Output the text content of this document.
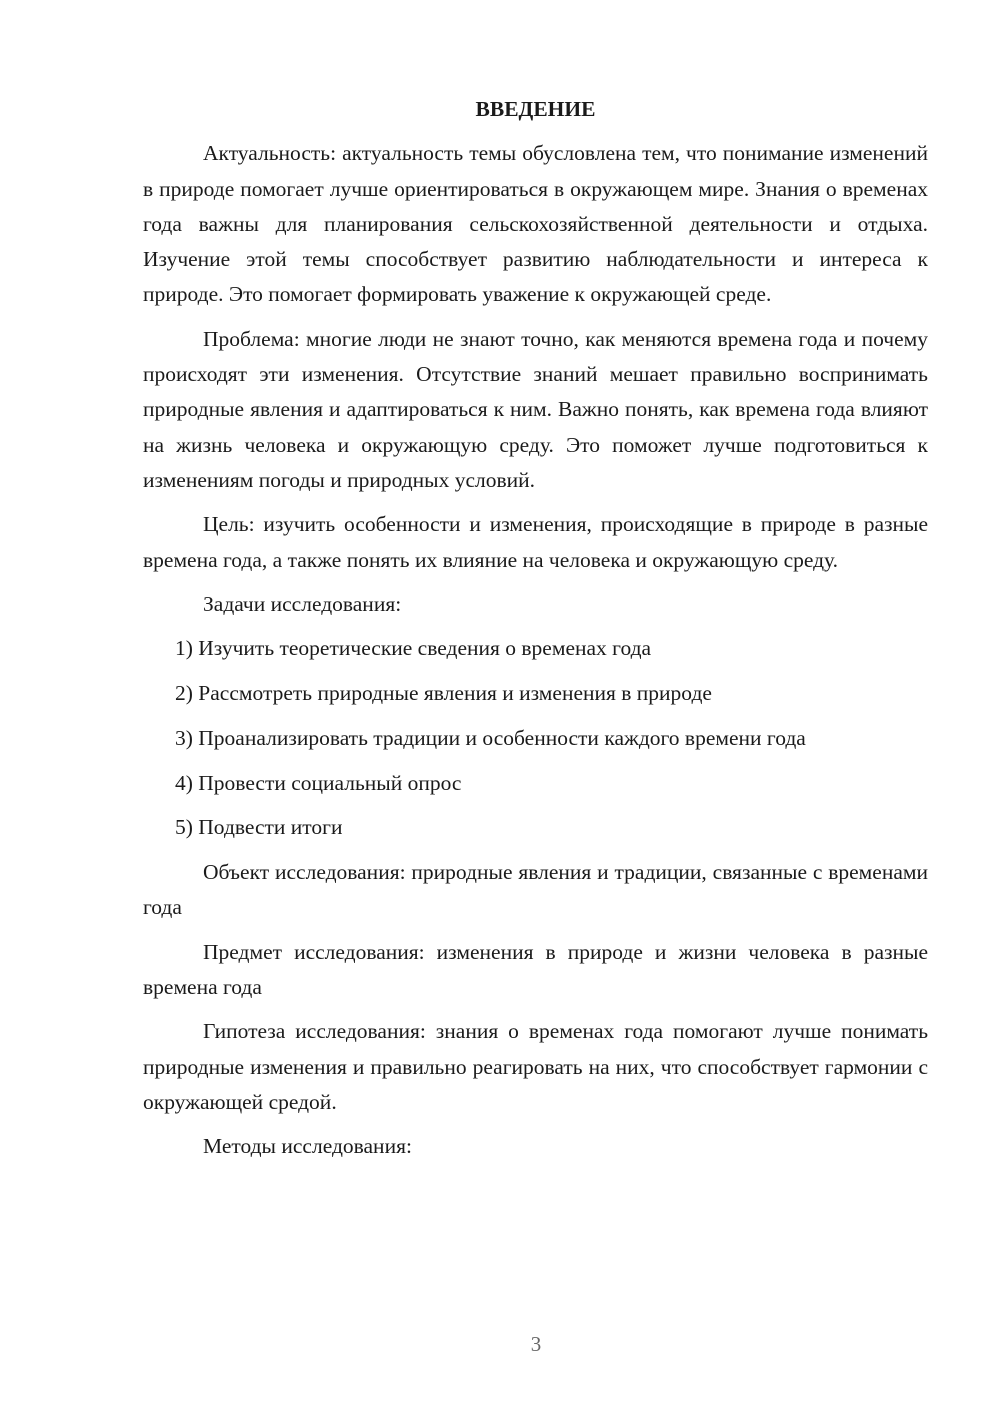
ВВЕДЕНИЕ
Актуальность: актуальность темы обусловлена тем, что понимание изменений в природе помогает лучше ориентироваться в окружающем мире. Знания о временах года важны для планирования сельскохозяйственной деятельности и отдыха. Изучение этой темы способствует развитию наблюдательности и интереса к природе. Это помогает формировать уважение к окружающей среде.
Проблема: многие люди не знают точно, как меняются времена года и почему происходят эти изменения. Отсутствие знаний мешает правильно воспринимать природные явления и адаптироваться к ним. Важно понять, как времена года влияют на жизнь человека и окружающую среду. Это поможет лучше подготовиться к изменениям погоды и природных условий.
Цель: изучить особенности и изменения, происходящие в природе в разные времена года, а также понять их влияние на человека и окружающую среду.
Задачи исследования:
1) Изучить теоретические сведения о временах года
2) Рассмотреть природные явления и изменения в природе
3) Проанализировать традиции и особенности каждого времени года
4) Провести социальный опрос
5) Подвести итоги
Объект исследования: природные явления и традиции, связанные с временами года
Предмет исследования: изменения в природе и жизни человека в разные времена года
Гипотеза исследования: знания о временах года помогают лучше понимать природные изменения и правильно реагировать на них, что способствует гармонии с окружающей средой.
Методы исследования:
3
